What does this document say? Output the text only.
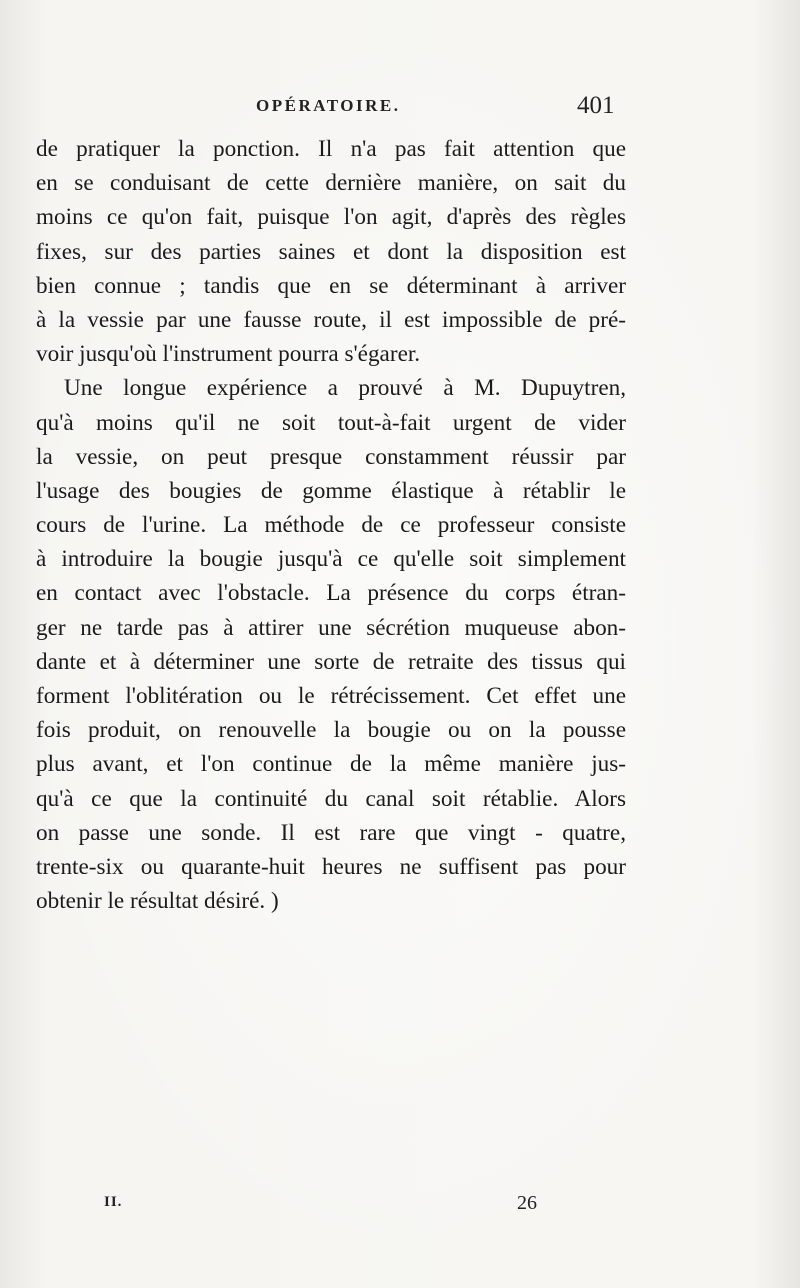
OPÉRATOIRE.	401
de pratiquer la ponction. Il n'a pas fait attention que
en se conduisant de cette dernière manière, on sait du
moins ce qu'on fait, puisque l'on agit, d'après des règles
fixes, sur des parties saines et dont la disposition est
bien connue ; tandis que en se déterminant à arriver
à la vessie par une fausse route, il est impossible de pré-
voir jusqu'où l'instrument pourra s'égarer.
Une longue expérience a prouvé à M. Dupuytren,
qu'à moins qu'il ne soit tout-à-fait urgent de vider
la vessie, on peut presque constamment réussir par
l'usage des bougies de gomme élastique à rétablir le
cours de l'urine. La méthode de ce professeur consiste
à introduire la bougie jusqu'à ce qu'elle soit simplement
en contact avec l'obstacle. La présence du corps étran-
ger ne tarde pas à attirer une sécrétion muqueuse abon-
dante et à déterminer une sorte de retraite des tissus qui
forment l'oblitération ou le rétrécissement. Cet effet une
fois produit, on renouvelle la bougie ou on la pousse
plus avant, et l'on continue de la même manière jus-
qu'à ce que la continuité du canal soit rétablie. Alors
on passe une sonde. Il est rare que vingt - quatre,
trente-six ou quarante-huit heures ne suffisent pas pour
obtenir le résultat désiré. )
II.	26
